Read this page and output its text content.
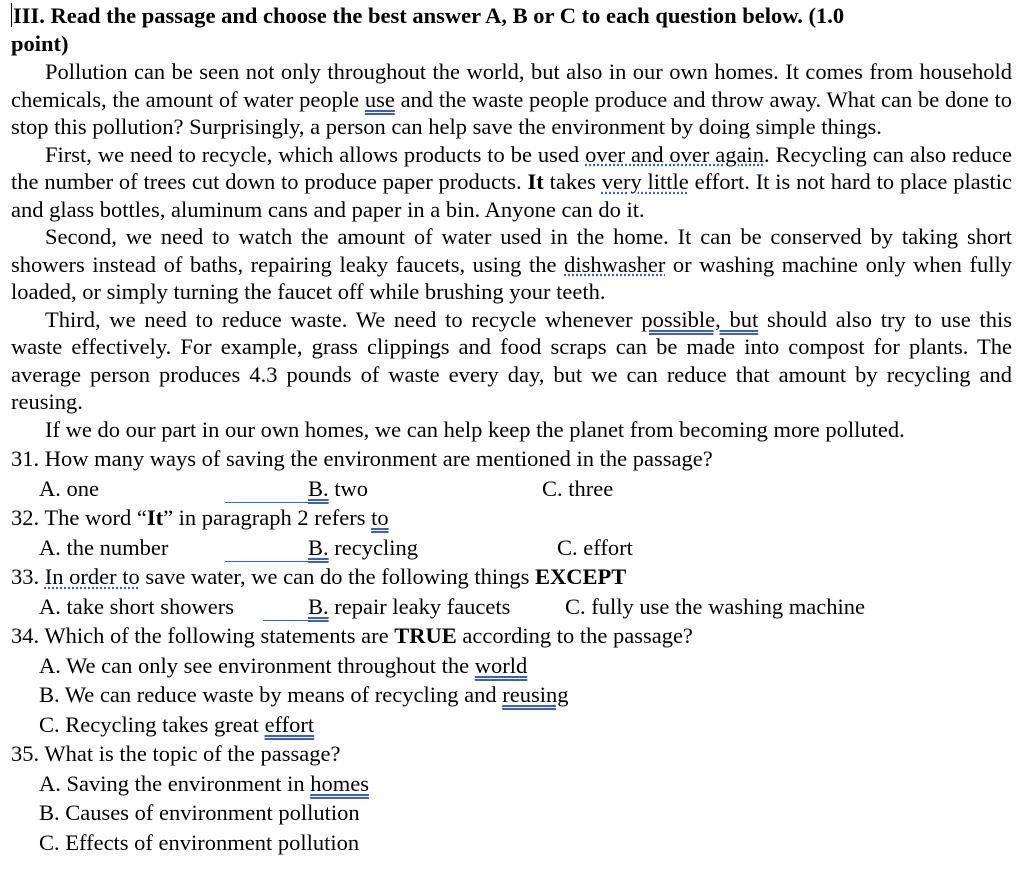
III. Read the passage and choose the best answer A, B or C to each question below. (1.0
point)
Pollution can be seen not only throughout the world, but also in our own homes. It comes from household chemicals, the amount of water people use and the waste people produce and throw away. What can be done to stop this pollution? Surprisingly, a person can help save the environment by doing simple things.
First, we need to recycle, which allows products to be used over and over again. Recycling can also reduce the number of trees cut down to produce paper products. It takes very little effort. It is not hard to place plastic and glass bottles, aluminum cans and paper in a bin. Anyone can do it.
Second, we need to watch the amount of water used in the home. It can be conserved by taking short showers instead of baths, repairing leaky faucets, using the dishwasher or washing machine only when fully loaded, or simply turning the faucet off while brushing your teeth.
Third, we need to reduce waste. We need to recycle whenever possible, but should also try to use this waste effectively. For example, grass clippings and food scraps can be made into compost for plants. The average person produces 4.3 pounds of waste every day, but we can reduce that amount by recycling and reusing.
If we do our part in our own homes, we can help keep the planet from becoming more polluted.
31. How many ways of saving the environment are mentioned in the passage?
A. one	B. two	C. three
32. The word “It” in paragraph 2 refers to
A. the number	B. recycling	C. effort
33. In order to save water, we can do the following things EXCEPT
A. take short showers	B. repair leaky faucets C. fully use the washing machine
34. Which of the following statements are TRUE according to the passage?
A. We can only see environment throughout the world
B. We can reduce waste by means of recycling and reusing
C. Recycling takes great effort
35. What is the topic of the passage?
A. Saving the environment in homes
B. Causes of environment pollution
C. Effects of environment pollution
